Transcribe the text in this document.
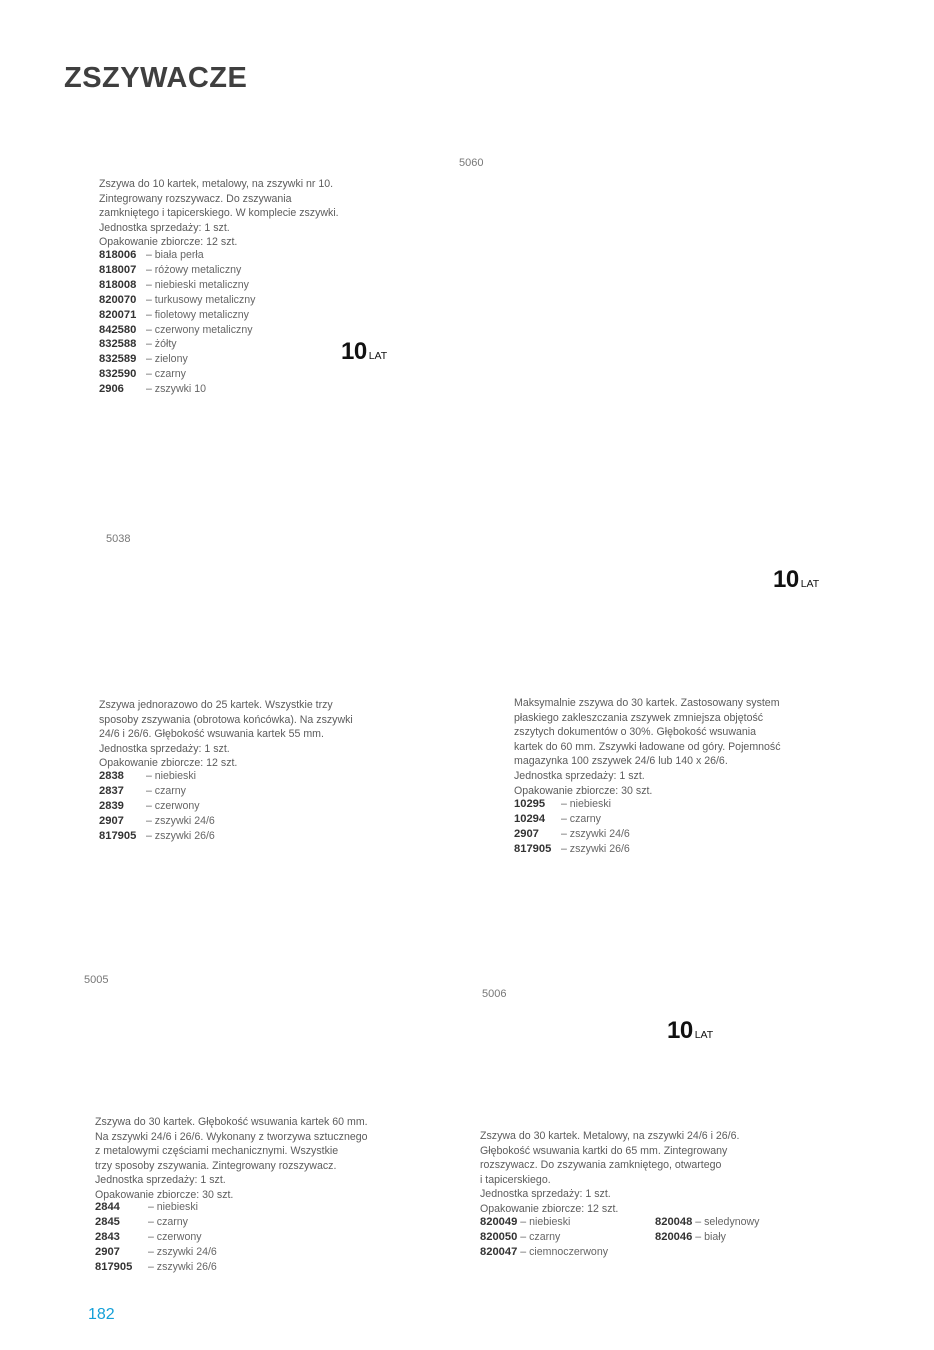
ZSZYWACZE
5060

Zszywa do 10 kartek, metalowy, na zszywki nr 10.

Zintegrowany rozszywacz. Do zszywania

zamkniętego i tapicerskiego. W komplecie zszywki.

Jednostka sprzedaży: 1 szt.

Opakowanie zbiorcze: 12 szt.

818006 – biała perła
818007 – różowy metaliczny
818008 – niebieski metaliczny
820070 – turkusowy metaliczny
820071 – fioletowy metaliczny
842580 – czerwony metaliczny
832588 – żółty
832589 – zielony
832590 – czarny
2906 – zszywki 10
10 LAT
5038

Zszywa jednorazowo do 25 kartek. Wszystkie trzy

sposoby zszywania (obrotowa końcówka). Na zszywki

24/6 i 26/6. Głębokość wsuwania kartek 55 mm.

Jednostka sprzedaży: 1 szt.

Opakowanie zbiorcze: 12 szt.

2838 – niebieski
2837 – czarny
2839 – czerwony
2907 – zszywki 24/6
817905 – zszywki 26/6
10 LAT

Maksymalnie zszywa do 30 kartek. Zastosowany system

płaskiego zakleszczania zszywek zmniejsza objętość

zszytych dokumentów o 30%. Głębokość wsuwania

kartek do 60 mm. Zszywki ładowane od góry. Pojemność

magazynka 100 zszywek 24/6 lub 140 x 26/6.

Jednostka sprzedaży: 1 szt.

Opakowanie zbiorcze: 30 szt.

10295 – niebieski
10294 – czarny
2907 – zszywki 24/6
817905 – zszywki 26/6
5005

Zszywa do 30 kartek. Głębokość wsuwania kartek 60 mm.

Na zszywki 24/6 i 26/6. Wykonany z tworzywa sztucznego

z metalowymi częściami mechanicznymi. Wszystkie

trzy sposoby zszywania. Zintegrowany rozszywacz.

Jednostka sprzedaży: 1 szt.

Opakowanie zbiorcze: 30 szt.

2844 – niebieski
2845 – czarny
2843 – czerwony
2907 – zszywki 24/6
817905 – zszywki 26/6
5006
10 LAT

Zszywa do 30 kartek. Metalowy, na zszywki 24/6 i 26/6.

Głębokość wsuwania kartki do 65 mm. Zintegrowany

rozszywacz. Do zszywania zamkniętego, otwartego

i tapicerskiego.

Jednostka sprzedaży: 1 szt.

Opakowanie zbiorcze: 12 szt.

820049 – niebieski
820050 – czarny
820047 – ciemnoczerwony
820048 – seledynowy
820046 – biały
182
